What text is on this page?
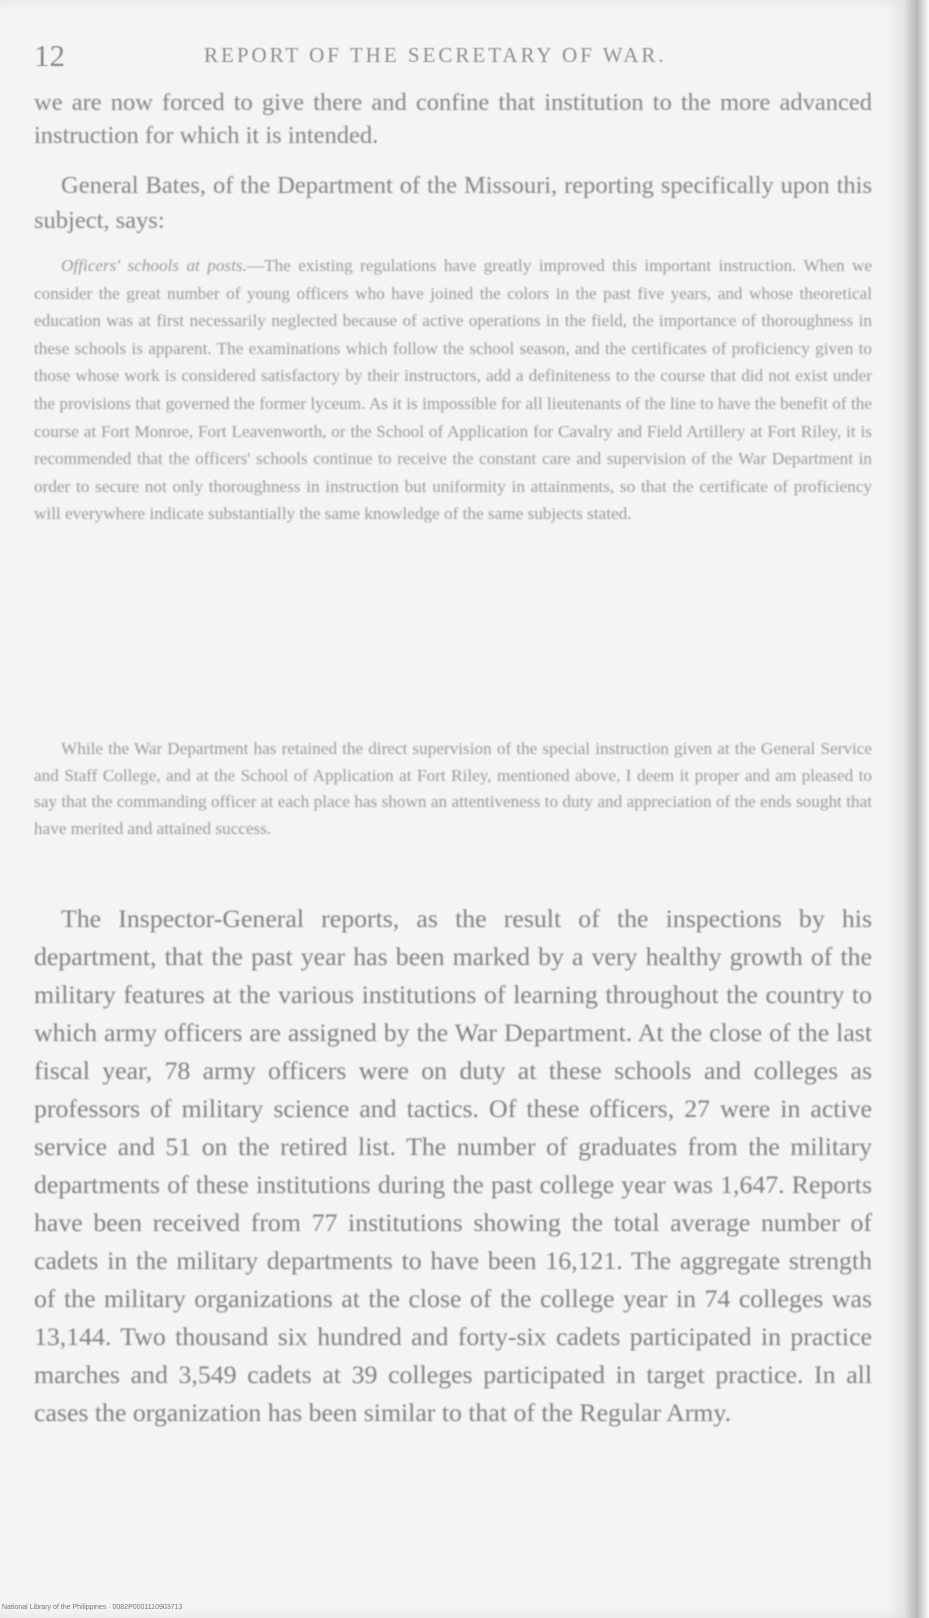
12	REPORT OF THE SECRETARY OF WAR.

we are now forced to give there and confine that institution to the more advanced instruction for which it is intended.

General Bates, of the Department of the Missouri, reporting specifically upon this subject, says:

Officers' schools at posts.—The existing regulations have greatly improved this important instruction. When we consider the great number of young officers who have joined the colors in the past five years, and whose theoretical education was at first necessarily neglected because of active operations in the field, the importance of thoroughness in these schools is apparent. The examinations which follow the school season, and the certificates of proficiency given to those whose work is considered satisfactory by their instructors, add a definiteness to the course that did not exist under the provisions that governed the former lyceum. As it is impossible for all lieutenants of the line to have the benefit of the course at Fort Monroe, Fort Leavenworth, or the School of Application for Cavalry and Field Artillery at Fort Riley, it is recommended that the officers' schools continue to receive the constant care and supervision of the War Department in order to secure not only thoroughness in instruction but uniformity in attainments, so that the certificate of proficiency will everywhere indicate substantially the same knowledge of the same subjects stated.

While the War Department has retained the direct supervision of the special instruction given at the General Service and Staff College, and at the School of Application at Fort Riley, mentioned above, I deem it proper and am pleased to say that the commanding officer at each place has shown an attentiveness to duty and appreciation of the ends sought that have merited and attained success.

The Inspector-General reports, as the result of the inspections by his department, that the past year has been marked by a very healthy growth of the military features at the various institutions of learning throughout the country to which army officers are assigned by the War Department. At the close of the last fiscal year, 78 army officers were on duty at these schools and colleges as professors of military science and tactics. Of these officers, 27 were in active service and 51 on the retired list. The number of graduates from the military departments of these institutions during the past college year was 1,647. Reports have been received from 77 institutions showing the total average number of cadets in the military departments to have been 16,121. The aggregate strength of the military organizations at the close of the college year in 74 colleges was 13,144. Two thousand six hundred and forty-six cadets participated in practice marches and 3,549 cadets at 39 colleges participated in target practice. In all cases the organization has been similar to that of the Regular Army.

National Library of the Philippines · 0082P0001110903713
